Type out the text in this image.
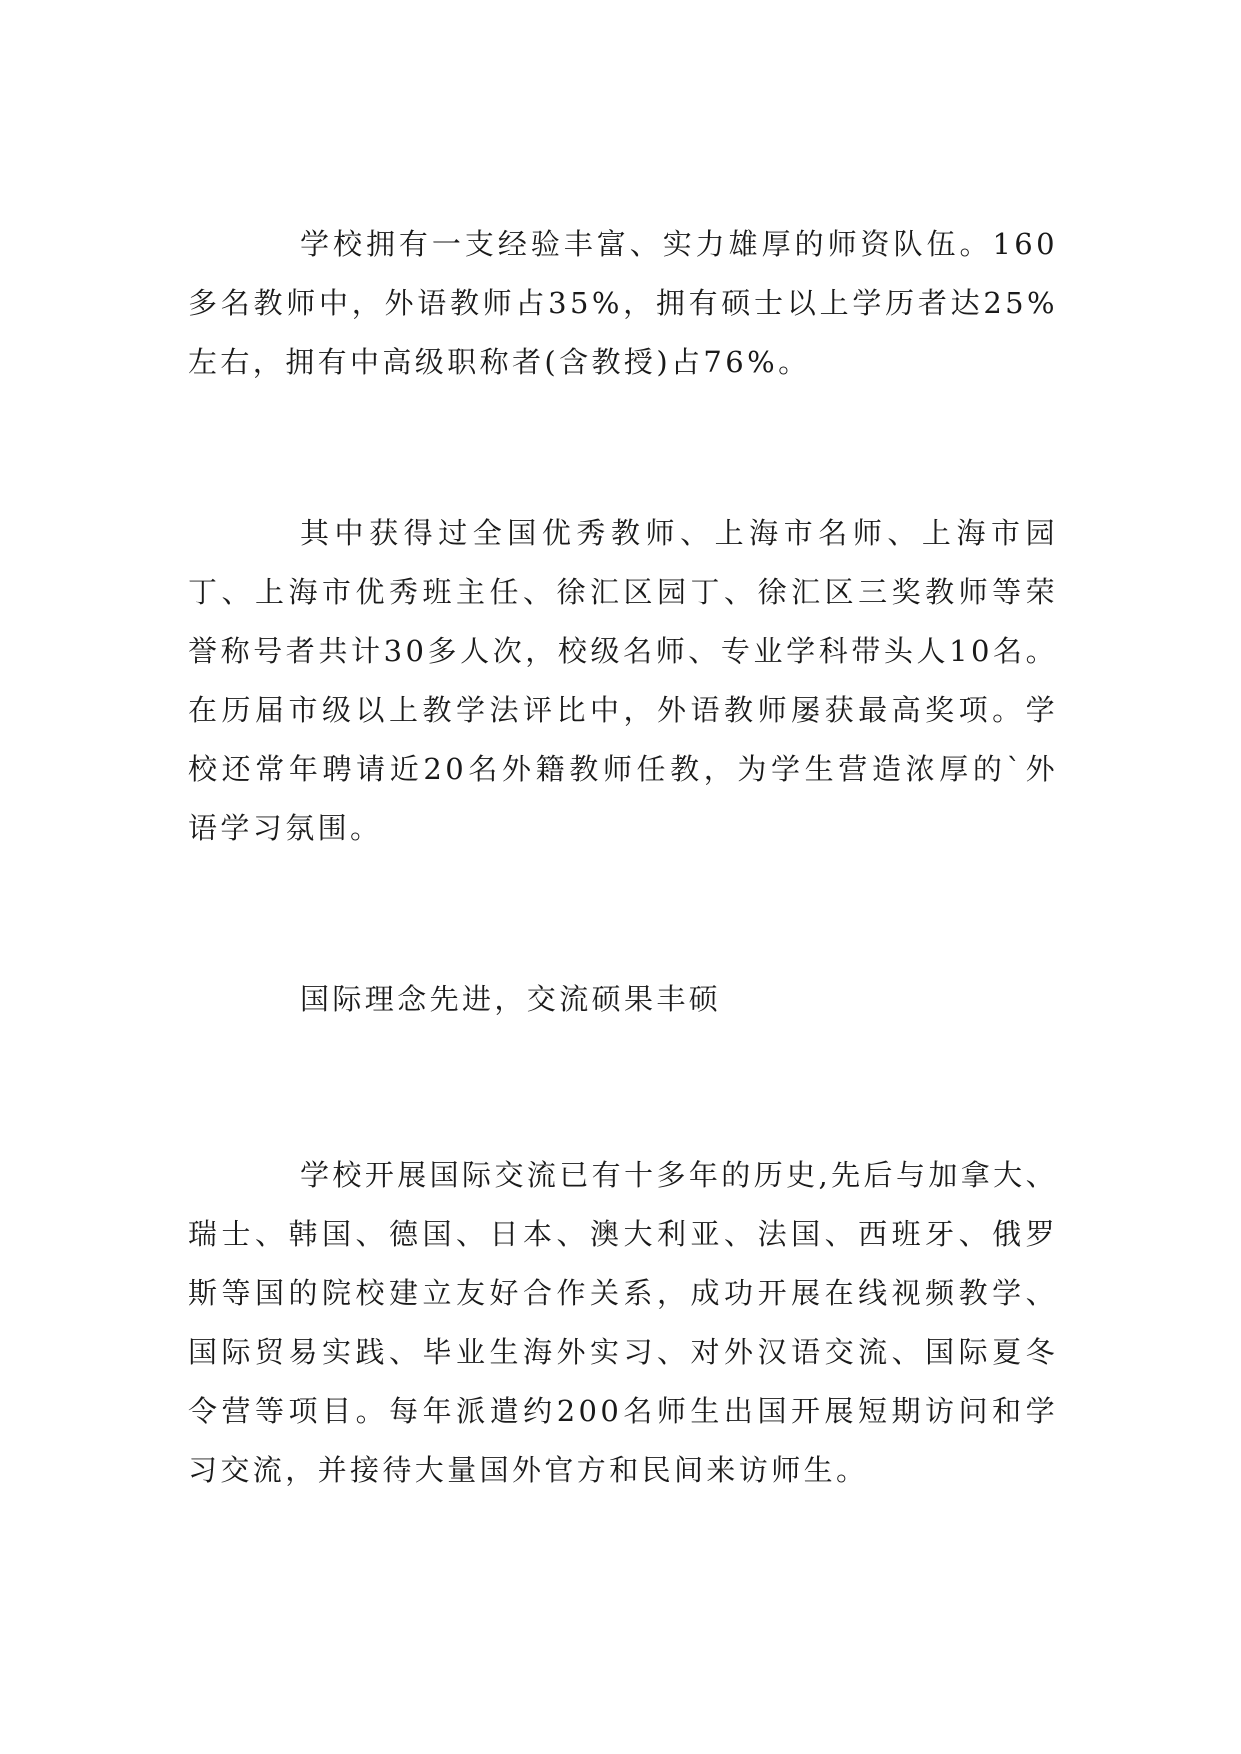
学校拥有一支经验丰富、实力雄厚的师资队伍。160多名教师中，外语教师占35%，拥有硕士以上学历者达25%左右，拥有中高级职称者(含教授)占76%。

其中获得过全国优秀教师、上海市名师、上海市园丁、上海市优秀班主任、徐汇区园丁、徐汇区三奖教师等荣誉称号者共计30多人次，校级名师、专业学科带头人10名。在历届市级以上教学法评比中，外语教师屡获最高奖项。学校还常年聘请近20名外籍教师任教，为学生营造浓厚的`外语学习氛围。

国际理念先进，交流硕果丰硕

学校开展国际交流已有十多年的历史,先后与加拿大、瑞士、韩国、德国、日本、澳大利亚、法国、西班牙、俄罗斯等国的院校建立友好合作关系，成功开展在线视频教学、国际贸易实践、毕业生海外实习、对外汉语交流、国际夏冬令营等项目。每年派遣约200名师生出国开展短期访问和学习交流，并接待大量国外官方和民间来访师生。
